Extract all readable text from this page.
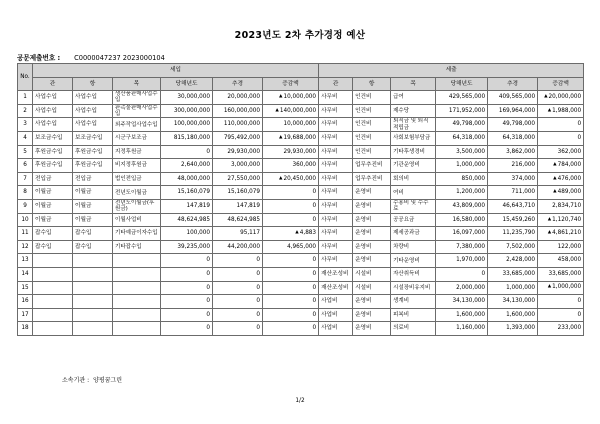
2023년도 2차 추가경정 예산
공문제출번호 : C0000047237 2023000104
No.	세입						세출					
	관	항	목	당해년도	추경	증감액	관	항	목	당해년도	추경	증감액
1	사업수입	사업수입	생산품판매사업수입	30,000,000	20,000,000	▲10,000,000	사무비	인건비	급여	429,565,000	409,565,000	▲20,000,000
2	사업수입	사업수입	판촉물판매사업수입	300,000,000	160,000,000	▲140,000,000	사무비	인건비	제수당	171,952,000	169,964,000	▲1,988,000
3	사업수입	사업수입	외주작업사업수입	100,000,000	110,000,000	10,000,000	사무비	인건비	퇴직금 및 퇴직적립금	49,798,000	49,798,000	0
4	보조금수입	보조금수입	시군구보조금	815,180,000	795,492,000	▲19,688,000	사무비	인건비	사회보험부담금	64,318,000	64,318,000	0
5	후원금수입	후원금수입	지정후원금	0	29,930,000	29,930,000	사무비	인건비	기타후생경비	3,500,000	3,862,000	362,000
6	후원금수입	후원금수입	비지정후원금	2,640,000	3,000,000	360,000	사무비	업무추진비	기관운영비	1,000,000	216,000	▲784,000
7	전입금	전입금	법인전입금	48,000,000	27,550,000	▲20,450,000	사무비	업무추진비	회의비	850,000	374,000	▲476,000
8	이월금	이월금	전년도이월금	15,160,079	15,160,079	0	사무비	운영비	여비	1,200,000	711,000	▲489,000
9	이월금	이월금	전년도이월금(후원금)	147,819	147,819	0	사무비	운영비	수용비 및 수수료	43,809,000	46,643,710	2,834,710
10	이월금	이월금	이월사업비	48,624,985	48,624,985	0	사무비	운영비	공공요금	16,580,000	15,459,260	▲1,120,740
11	잡수입	잡수입	기타예금이자수입	100,000	95,117	▲4,883	사무비	운영비	제세공과금	16,097,000	11,235,790	▲4,861,210
12	잡수입	잡수입	기타잡수입	39,235,000	44,200,000	4,965,000	사무비	운영비	차량비	7,380,000	7,502,000	122,000
13				0	0	0	사무비	운영비	기타운영비	1,970,000	2,428,000	458,000
14				0	0	0	재산조성비	시설비	자산취득비	0	33,685,000	33,685,000
15				0	0	0	재산조성비	시설비	시설장비유지비	2,000,000	1,000,000	▲1,000,000
16				0	0	0	사업비	운영비	생계비	34,130,000	34,130,000	0
17				0	0	0	사업비	운영비	피복비	1,600,000	1,600,000	0
18				0	0	0	사업비	운영비	의료비	1,160,000	1,393,000	233,000
소속기관 : 양평꿈그린
1/2
